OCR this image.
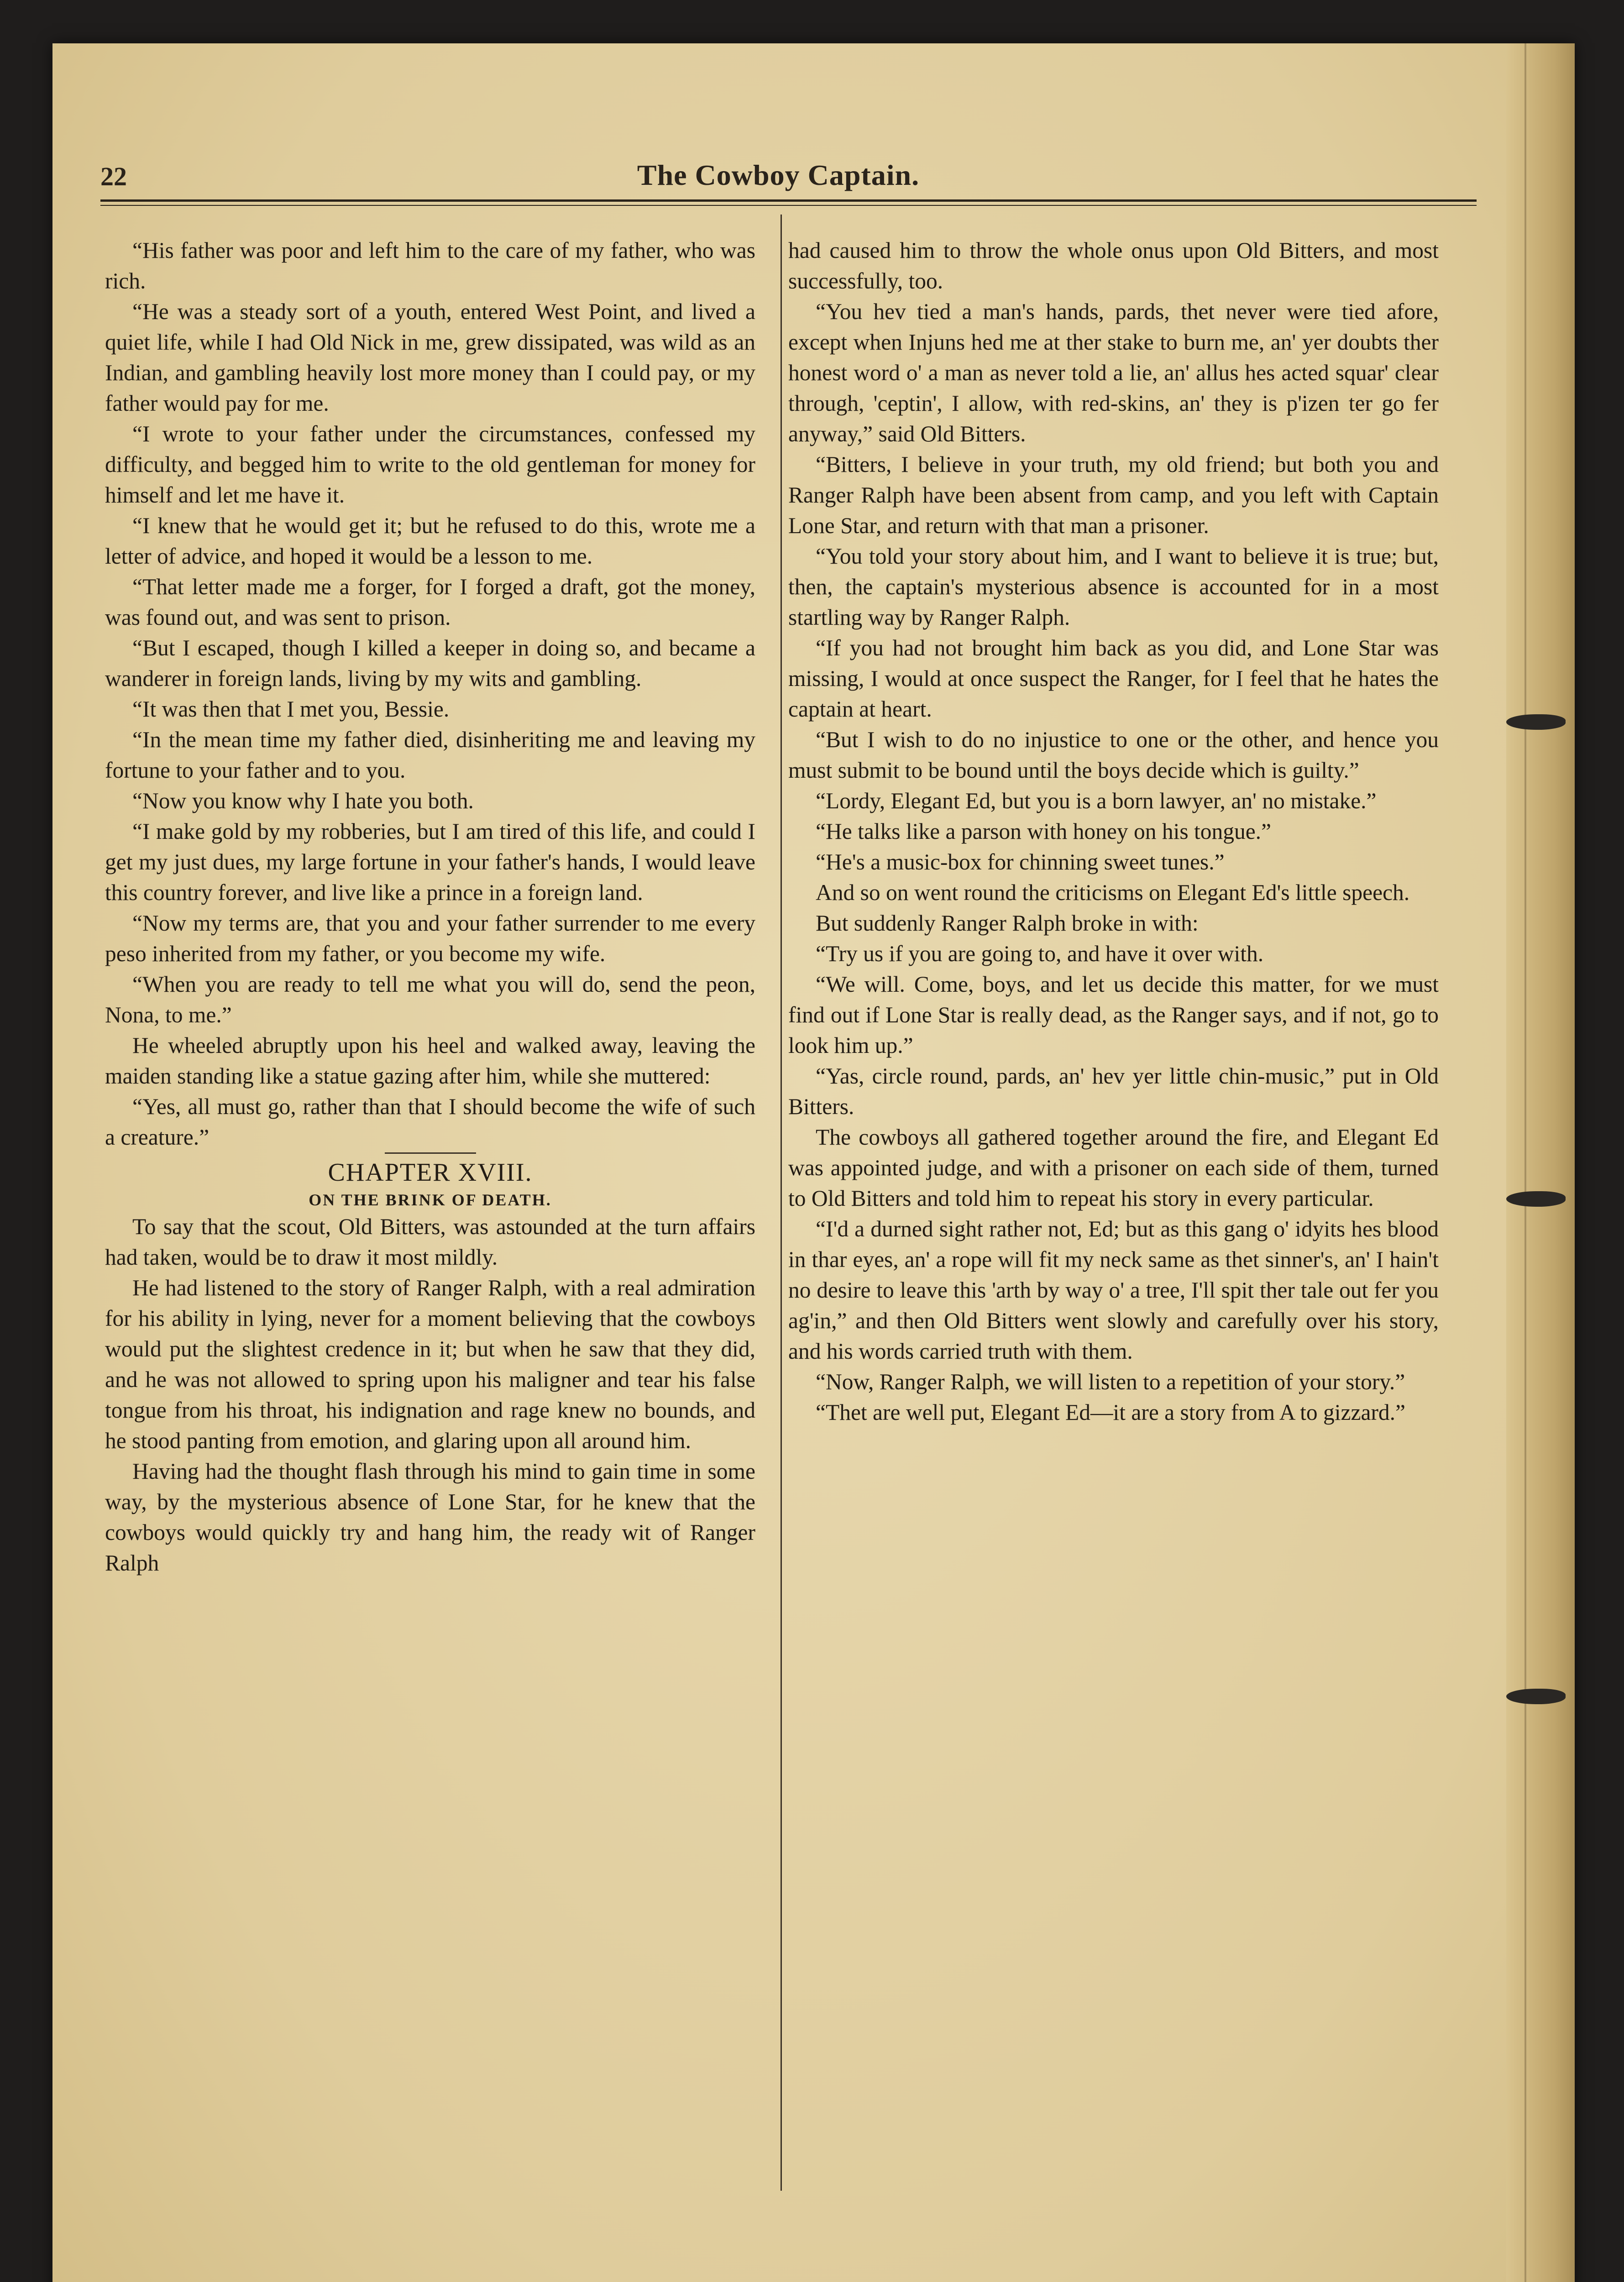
22	The Cowboy Captain.

“His father was poor and left him to the care of my father, who was rich.

“He was a steady sort of a youth, entered West Point, and lived a quiet life, while I had Old Nick in me, grew dissipated, was wild as an Indian, and gambling heavily lost more money than I could pay, or my father would pay for me.

“I wrote to your father under the circumstances, confessed my difficulty, and begged him to write to the old gentleman for money for himself and let me have it.

“I knew that he would get it; but he refused to do this, wrote me a letter of advice, and hoped it would be a lesson to me.

“That letter made me a forger, for I forged a draft, got the money, was found out, and was sent to prison.

“But I escaped, though I killed a keeper in doing so, and became a wanderer in foreign lands, living by my wits and gambling.

“It was then that I met you, Bessie.

“In the mean time my father died, disinheriting me and leaving my fortune to your father and to you.

“Now you know why I hate you both.

“I make gold by my robberies, but I am tired of this life, and could I get my just dues, my large fortune in your father's hands, I would leave this country forever, and live like a prince in a foreign land.

“Now my terms are, that you and your father surrender to me every peso inherited from my father, or you become my wife.

“When you are ready to tell me what you will do, send the peon, Nona, to me.”

He wheeled abruptly upon his heel and walked away, leaving the maiden standing like a statue gazing after him, while she muttered:

“Yes, all must go, rather than that I should become the wife of such a creature.”

CHAPTER XVIII.
ON THE BRINK OF DEATH.

To say that the scout, Old Bitters, was astounded at the turn affairs had taken, would be to draw it most mildly.

He had listened to the story of Ranger Ralph, with a real admiration for his ability in lying, never for a moment believing that the cowboys would put the slightest credence in it; but when he saw that they did, and he was not allowed to spring upon his maligner and tear his false tongue from his throat, his indignation and rage knew no bounds, and he stood panting from emotion, and glaring upon all around him.

Having had the thought flash through his mind to gain time in some way, by the mysterious absence of Lone Star, for he knew that the cowboys would quickly try and hang him, the ready wit of Ranger Ralph

had caused him to throw the whole onus upon Old Bitters, and most successfully, too.

“You hev tied a man's hands, pards, thet never were tied afore, except when Injuns hed me at ther stake to burn me, an' yer doubts ther honest word o' a man as never told a lie, an' allus hes acted squar' clear through, 'ceptin', I allow, with red-skins, an' they is p'izen ter go fer anyway,” said Old Bitters.

“Bitters, I believe in your truth, my old friend; but both you and Ranger Ralph have been absent from camp, and you left with Captain Lone Star, and return with that man a prisoner.

“You told your story about him, and I want to believe it is true; but, then, the captain's mysterious absence is accounted for in a most startling way by Ranger Ralph.

“If you had not brought him back as you did, and Lone Star was missing, I would at once suspect the Ranger, for I feel that he hates the captain at heart.

“But I wish to do no injustice to one or the other, and hence you must submit to be bound until the boys decide which is guilty.”

“Lordy, Elegant Ed, but you is a born lawyer, an' no mistake.”

“He talks like a parson with honey on his tongue.”

“He's a music-box for chinning sweet tunes.”

And so on went round the criticisms on Elegant Ed's little speech.

But suddenly Ranger Ralph broke in with:

“Try us if you are going to, and have it over with.

“We will. Come, boys, and let us decide this matter, for we must find out if Lone Star is really dead, as the Ranger says, and if not, go to look him up.”

“Yas, circle round, pards, an' hev yer little chin-music,” put in Old Bitters.

The cowboys all gathered together around the fire, and Elegant Ed was appointed judge, and with a prisoner on each side of them, turned to Old Bitters and told him to repeat his story in every particular.

“I'd a durned sight rather not, Ed; but as this gang o' idyits hes blood in thar eyes, an' a rope will fit my neck same as thet sinner's, an' I hain't no desire to leave this 'arth by way o' a tree, I'll spit ther tale out fer you ag'in,” and then Old Bitters went slowly and carefully over his story, and his words carried truth with them.

“Now, Ranger Ralph, we will listen to a repetition of your story.”

“Thet are well put, Elegant Ed—it are a story from A to gizzard.”
